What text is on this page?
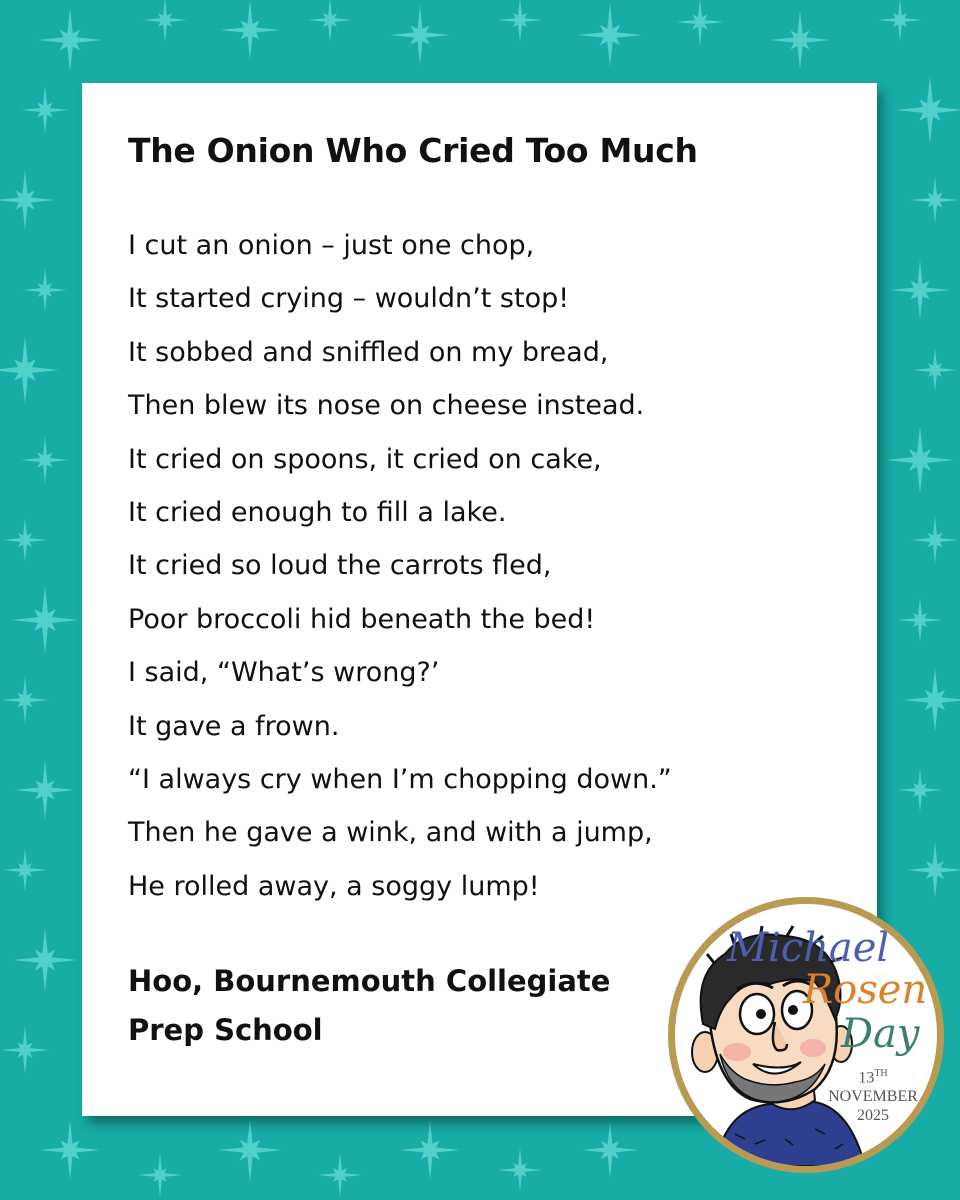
The Onion Who Cried Too Much
I cut an onion – just one chop,
It started crying – wouldn’t stop!
It sobbed and sniffled on my bread,
Then blew its nose on cheese instead.
It cried on spoons, it cried on cake,
It cried enough to fill a lake.
It cried so loud the carrots fled,
Poor broccoli hid beneath the bed!
I said, “What’s wrong?’
It gave a frown.
“I always cry when I’m chopping down.”
Then he gave a wink, and with a jump,
He rolled away, a soggy lump!
Hoo, Bournemouth Collegiate
Prep School
Michael
Rosen
Day
13TH
NOVEMBER
2025
